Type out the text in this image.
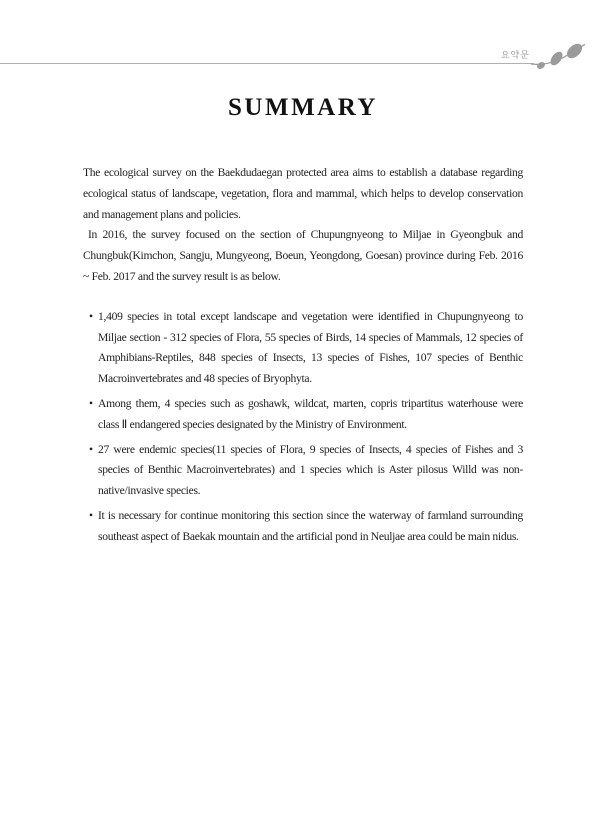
요약문
SUMMARY

The ecological survey on the Baekdudaegan protected area aims to establish a database regarding ecological status of landscape, vegetation, flora and mammal, which helps to develop conservation and management plans and policies.

In 2016, the survey focused on the section of Chupungnyeong to Miljae in Gyeongbuk and Chungbuk(Kimchon, Sangju, Mungyeong, Boeun, Yeongdong, Goesan) province during Feb. 2016 ~ Feb. 2017 and the survey result is as below.

• 1,409 species in total except landscape and vegetation were identified in Chupungnyeong to Miljae section - 312 species of Flora, 55 species of Birds, 14 species of Mammals, 12 species of Amphibians-Reptiles, 848 species of Insects, 13 species of Fishes, 107 species of Benthic Macroinvertebrates and 48 species of Bryophyta.
• Among them, 4 species such as goshawk, wildcat, marten, copris tripartitus waterhouse were class Ⅱ endangered species designated by the Ministry of Environment.
• 27 were endemic species(11 species of Flora, 9 species of Insects, 4 species of Fishes and 3 species of Benthic Macroinvertebrates) and 1 species which is Aster pilosus Willd was non-native/invasive species.
• It is necessary for continue monitoring this section since the waterway of farmland surrounding southeast aspect of Baekak mountain and the artificial pond in Neuljae area could be main nidus.
